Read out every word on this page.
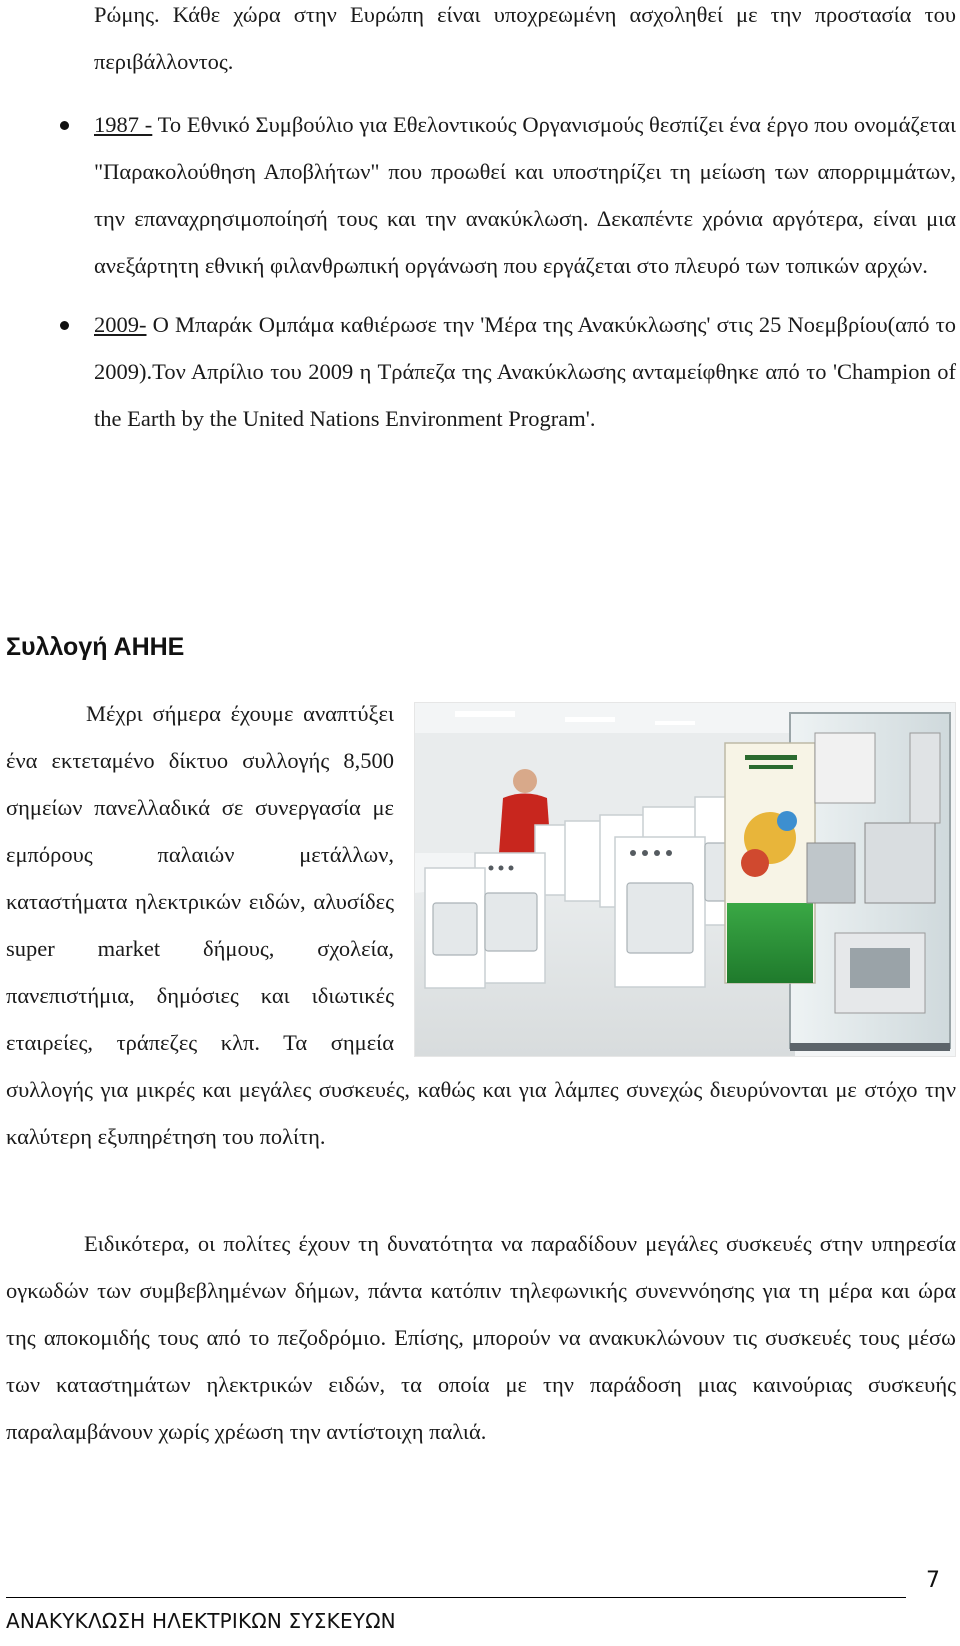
Ρώμης. Κάθε χώρα στην Ευρώπη είναι υποχρεωμένη ασχοληθεί με την προστασία του περιβάλλοντος.

1987 - Το Εθνικό Συμβούλιο για Εθελοντικούς Οργανισμούς θεσπίζει ένα έργο που ονομάζεται "Παρακολούθηση Αποβλήτων" που προωθεί και υποστηρίζει τη μείωση των απορριμμάτων, την επαναχρησιμοποίησή τους και την ανακύκλωση. Δεκαπέντε χρόνια αργότερα, είναι μια ανεξάρτητη εθνική φιλανθρωπική οργάνωση που εργάζεται στο πλευρό των τοπικών αρχών.
2009- Ο Μπαράκ Ομπάμα καθιέρωσε την 'Μέρα της Ανακύκλωσης' στις 25 Νοεμβρίου(από το 2009).Τον Απρίλιο του 2009 η Τράπεζα της Ανακύκλωσης ανταμείφθηκε από το 'Champion of the Earth by the United Nations Environment Program'.
Συλλογή ΑΗΗΕ
Μέχρι σήμερα έχουμε αναπτύξει ένα εκτεταμένο δίκτυο συλλογής 8,500 σημείων πανελλαδικά σε συνεργασία με εμπόρους παλαιών μετάλλων, καταστήματα ηλεκτρικών ειδών, αλυσίδες super market δήμους, σχολεία, πανεπιστήμια, δημόσιες και ιδιωτικές εταιρείες, τράπεζες κλπ. Τα σημεία συλλογής για μικρές και μεγάλες συσκευές, καθώς και για λάμπες συνεχώς διευρύνονται με στόχο την καλύτερη εξυπηρέτηση του πολίτη.

Ειδικότερα, οι πολίτες έχουν τη δυνατότητα να παραδίδουν μεγάλες συσκευές στην υπηρεσία ογκωδών των συμβεβλημένων δήμων, πάντα κατόπιν τηλεφωνικής συνεννόησης για τη μέρα και ώρα της αποκομιδής τους από το πεζοδρόμιο. Επίσης, μπορούν να ανακυκλώνουν τις συσκευές τους μέσω των καταστημάτων ηλεκτρικών ειδών, τα οποία με την παράδοση μιας καινούριας συσκευής παραλαμβάνουν χωρίς χρέωση την αντίστοιχη παλιά.

ΑΝΑΚΥΚΛΩΣΗ ΗΛΕΚΤΡΙΚΩΝ ΣΥΣΚΕΥΩΝ
7
